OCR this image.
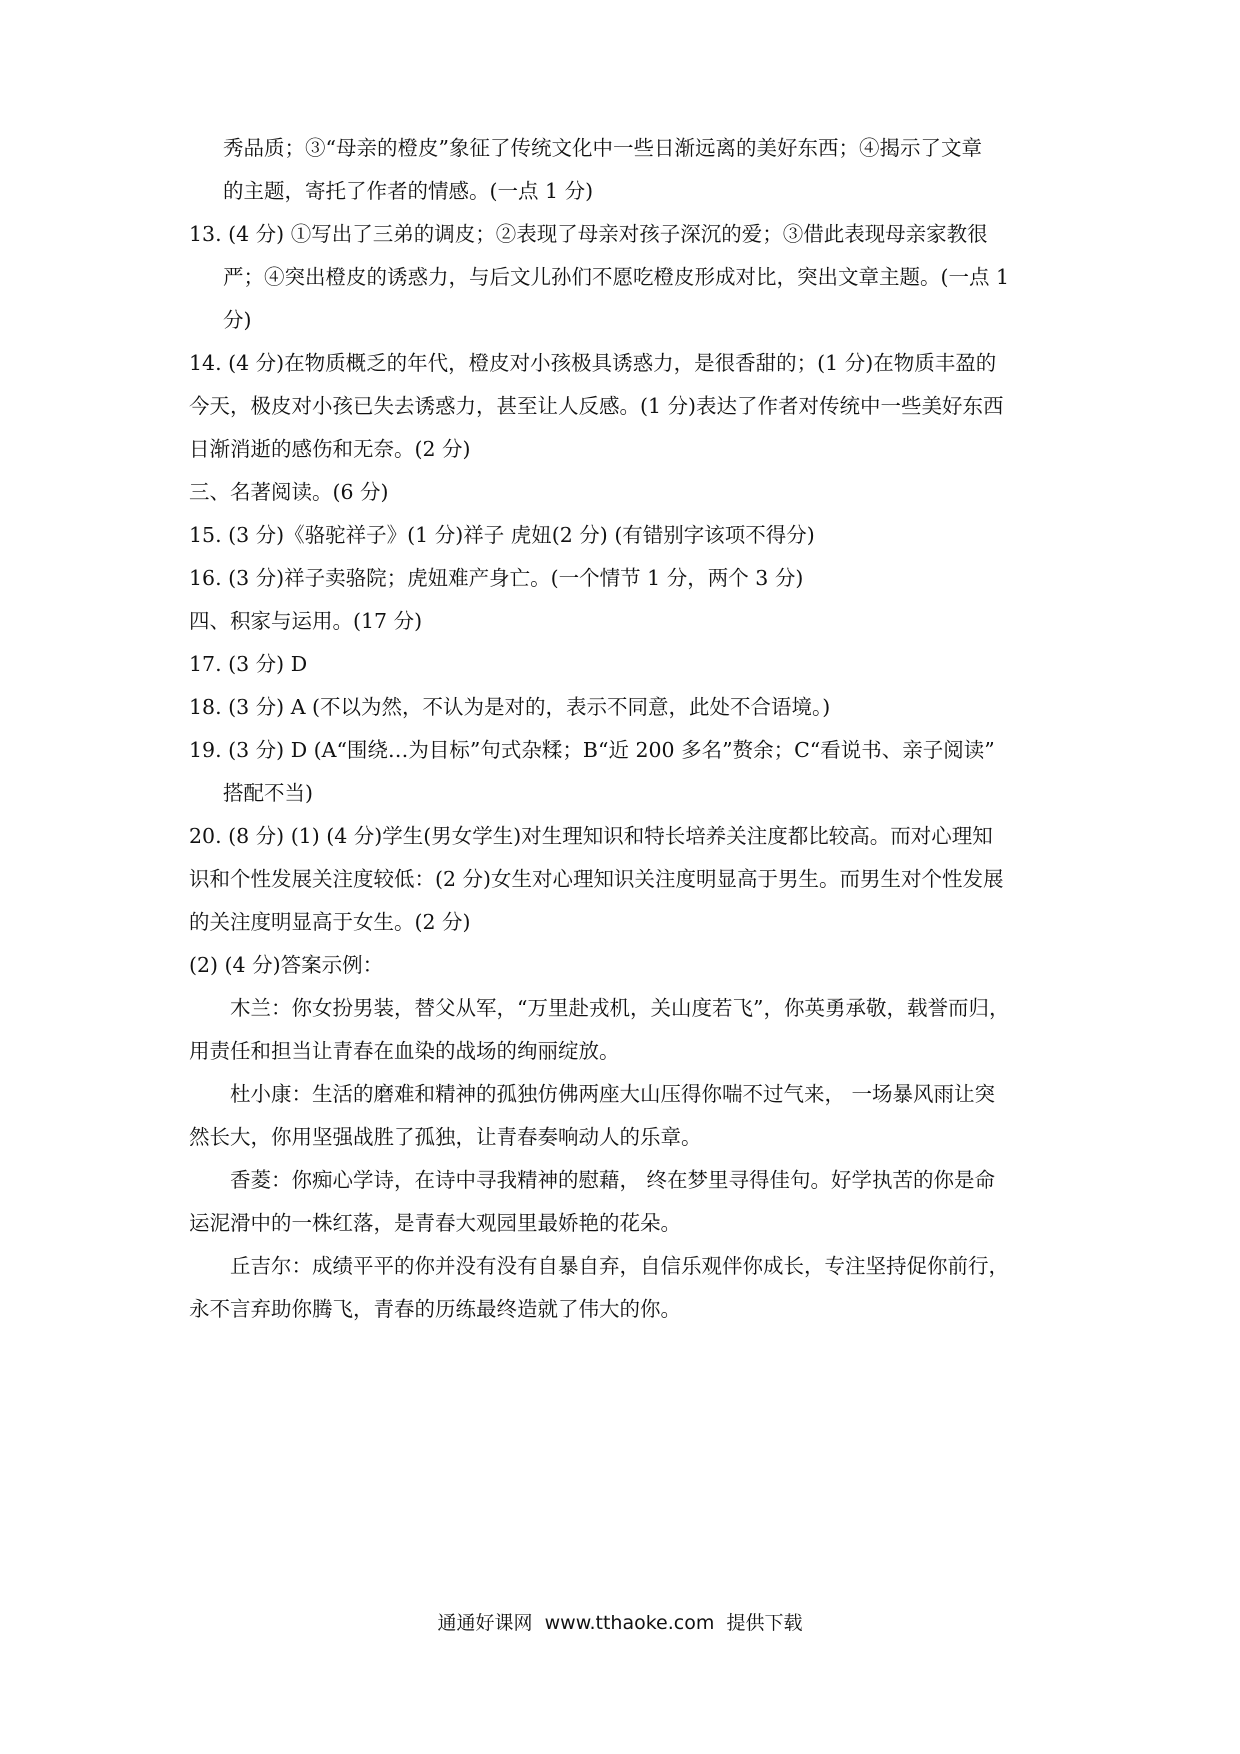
秀品质；③“母亲的橙皮”象征了传统文化中一些日渐远离的美好东西；④揭示了文章
的主题，寄托了作者的情感。(一点 1 分)
13. (4 分) ①写出了三弟的调皮；②表现了母亲对孩子深沉的爱；③借此表现母亲家教很
严；④突出橙皮的诱惑力，与后文儿孙们不愿吃橙皮形成对比，突出文章主题。(一点 1
分)
14. (4 分)在物质概乏的年代，橙皮对小孩极具诱惑力，是很香甜的；(1 分)在物质丰盈的
今天，极皮对小孩已失去诱惑力，甚至让人反感。(1 分)表达了作者对传统中一些美好东西
日渐消逝的感伤和无奈。(2 分)
三、名著阅读。(6 分)
15. (3 分)《骆驼祥子》(1 分)祥子 虎妞(2 分) (有错别字该项不得分)
16. (3 分)祥子卖骆院；虎妞难产身亡。(一个情节 1 分，两个 3 分)
四、积家与运用。(17 分)
17. (3 分) D
18. (3 分) A (不以为然，不认为是对的，表示不同意，此处不合语境。)
19. (3 分) D (A“围绕…为目标”句式杂糅；B“近 200 多名”赘余；C“看说书、亲子阅读”
搭配不当)
20. (8 分) (1) (4 分)学生(男女学生)对生理知识和特长培养关注度都比较高。而对心理知
识和个性发展关注度较低：(2 分)女生对心理知识关注度明显高于男生。而男生对个性发展
的关注度明显高于女生。(2 分)
(2) (4 分)答案示例：
木兰：你女扮男装，替父从军，“万里赴戎机，关山度若飞”，你英勇承敬，载誉而归，
用责任和担当让青春在血染的战场的绚丽绽放。
杜小康：生活的磨难和精神的孤独仿佛两座大山压得你喘不过气来， 一场暴风雨让突
然长大，你用坚强战胜了孤独，让青春奏响动人的乐章。
香菱：你痴心学诗，在诗中寻我精神的慰藉， 终在梦里寻得佳句。好学执苦的你是命
运泥滑中的一株红落，是青春大观园里最娇艳的花朵。
丘吉尔：成绩平平的你并没有没有自暴自弃，自信乐观伴你成长，专注坚持促你前行，
永不言弃助你腾飞，青春的历练最终造就了伟大的你。
通通好课网  www.tthaoke.com  提供下载
